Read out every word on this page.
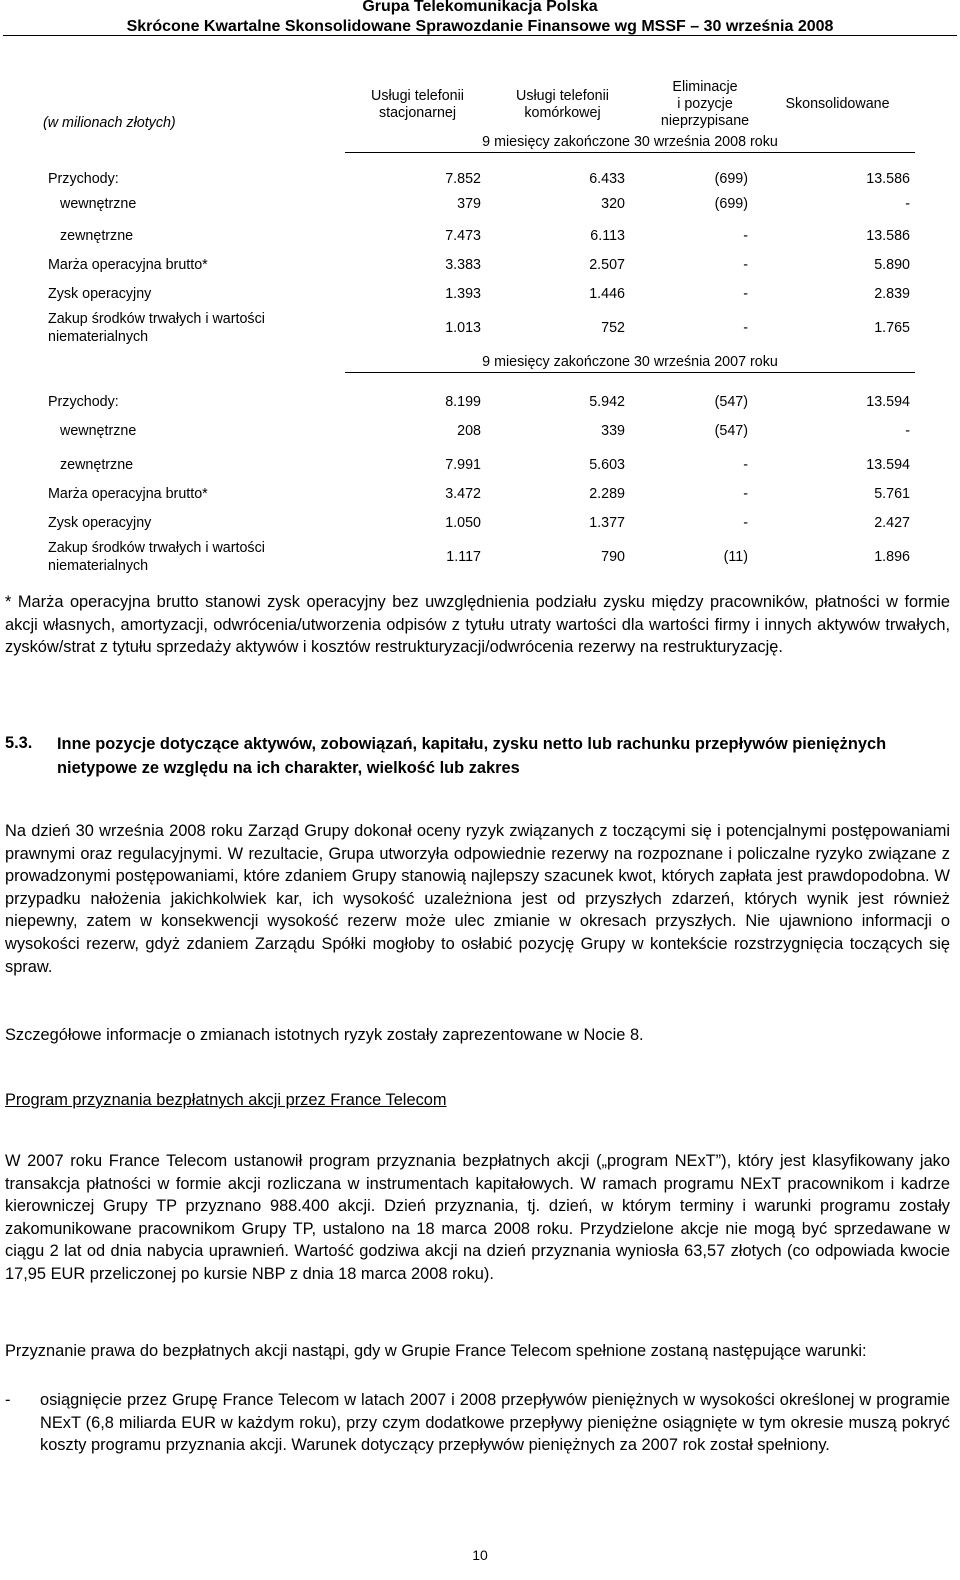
Grupa Telekomunikacja Polska
Skrócone Kwartalne Skonsolidowane Sprawozdanie Finansowe wg MSSF – 30 września 2008
(w milionach złotych)
Usługi telefonii
stacjonarnej
Usługi telefonii
komórkowej
Eliminacje
i pozycje
nieprzypisane
Skonsolidowane
9 miesięcy zakończone 30 września 2008 roku
Przychody:	7.852	6.433	(699)	13.586
wewnętrzne	379	320	(699)	-
zewnętrzne	7.473	6.113	-	13.586
Marża operacyjna brutto*	3.383	2.507	-	5.890
Zysk operacyjny	1.393	1.446	-	2.839
Zakup środków trwałych i wartości
niematerialnych
1.013	752	-	1.765
9 miesięcy zakończone 30 września 2007 roku
Przychody:	8.199	5.942	(547)	13.594
wewnętrzne	208	339	(547)	-
zewnętrzne	7.991	5.603	-	13.594
Marża operacyjna brutto*	3.472	2.289	-	5.761
Zysk operacyjny	1.050	1.377	-	2.427
Zakup środków trwałych i wartości
niematerialnych
1.117	790	(11)	1.896
* Marża operacyjna brutto stanowi zysk operacyjny bez uwzględnienia podziału zysku między pracowników, płatności w formie akcji własnych, amortyzacji, odwrócenia/utworzenia odpisów z tytułu utraty wartości dla wartości firmy i innych aktywów trwałych, zysków/strat z tytułu sprzedaży aktywów i kosztów restrukturyzacji/odwrócenia rezerwy na restrukturyzację.
5.3. Inne pozycje dotyczące aktywów, zobowiązań, kapitału, zysku netto lub rachunku przepływów pieniężnych nietypowe ze względu na ich charakter, wielkość lub zakres
Na dzień 30 września 2008 roku Zarząd Grupy dokonał oceny ryzyk związanych z toczącymi się i potencjalnymi postępowaniami prawnymi oraz regulacyjnymi. W rezultacie, Grupa utworzyła odpowiednie rezerwy na rozpoznane i policzalne ryzyko związane z prowadzonymi postępowaniami, które zdaniem Grupy stanowią najlepszy szacunek kwot, których zapłata jest prawdopodobna. W przypadku nałożenia jakichkolwiek kar, ich wysokość uzależniona jest od przyszłych zdarzeń, których wynik jest również niepewny, zatem w konsekwencji wysokość rezerw może ulec zmianie w okresach przyszłych. Nie ujawniono informacji o wysokości rezerw, gdyż zdaniem Zarządu Spółki mogłoby to osłabić pozycję Grupy w kontekście rozstrzygnięcia toczących się spraw.
Szczegółowe informacje o zmianach istotnych ryzyk zostały zaprezentowane w Nocie 8.
Program przyznania bezpłatnych akcji przez France Telecom
W 2007 roku France Telecom ustanowił program przyznania bezpłatnych akcji („program NExT”), który jest klasyfikowany jako transakcja płatności w formie akcji rozliczana w instrumentach kapitałowych. W ramach programu NExT pracownikom i kadrze kierowniczej Grupy TP przyznano 988.400 akcji. Dzień przyznania, tj. dzień, w którym terminy i warunki programu zostały zakomunikowane pracownikom Grupy TP, ustalono na 18 marca 2008 roku. Przydzielone akcje nie mogą być sprzedawane w ciągu 2 lat od dnia nabycia uprawnień. Wartość godziwa akcji na dzień przyznania wyniosła 63,57 złotych (co odpowiada kwocie 17,95 EUR przeliczonej po kursie NBP z dnia 18 marca 2008 roku).
Przyznanie prawa do bezpłatnych akcji nastąpi, gdy w Grupie France Telecom spełnione zostaną następujące warunki:
- osiągnięcie przez Grupę France Telecom w latach 2007 i 2008 przepływów pieniężnych w wysokości określonej w programie NExT (6,8 miliarda EUR w każdym roku), przy czym dodatkowe przepływy pieniężne osiągnięte w tym okresie muszą pokryć koszty programu przyznania akcji. Warunek dotyczący przepływów pieniężnych za 2007 rok został spełniony.
10
